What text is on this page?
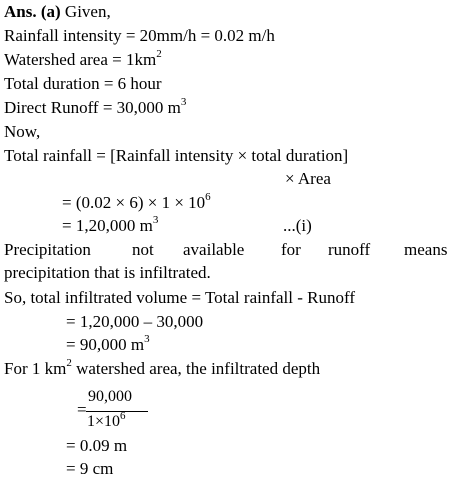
Ans. (a) Given,
Rainfall intensity = 20mm/h = 0.02 m/h
Watershed area = $1km^2$
Total duration = 6 hour
Direct Runoff = 30,000 $m^3$
Now,
Total rainfall = [Rainfall intensity × total duration]
× Area
= $(0.02 \times 6) \times 1 \times 10^6$
= 1,20,000 $m^3$	...(i)
Precipitation not available for runoff means
precipitation that is infiltrated.
So, total infiltrated volume = Total rainfall - Runoff
= 1,20,000 – 30,000
= 90,000 $m^3$
For 1 $km^2$ watershed area, the infiltrated depth
=
90,000
$1\times 10^6$
= 0.09 m
= 9 cm
